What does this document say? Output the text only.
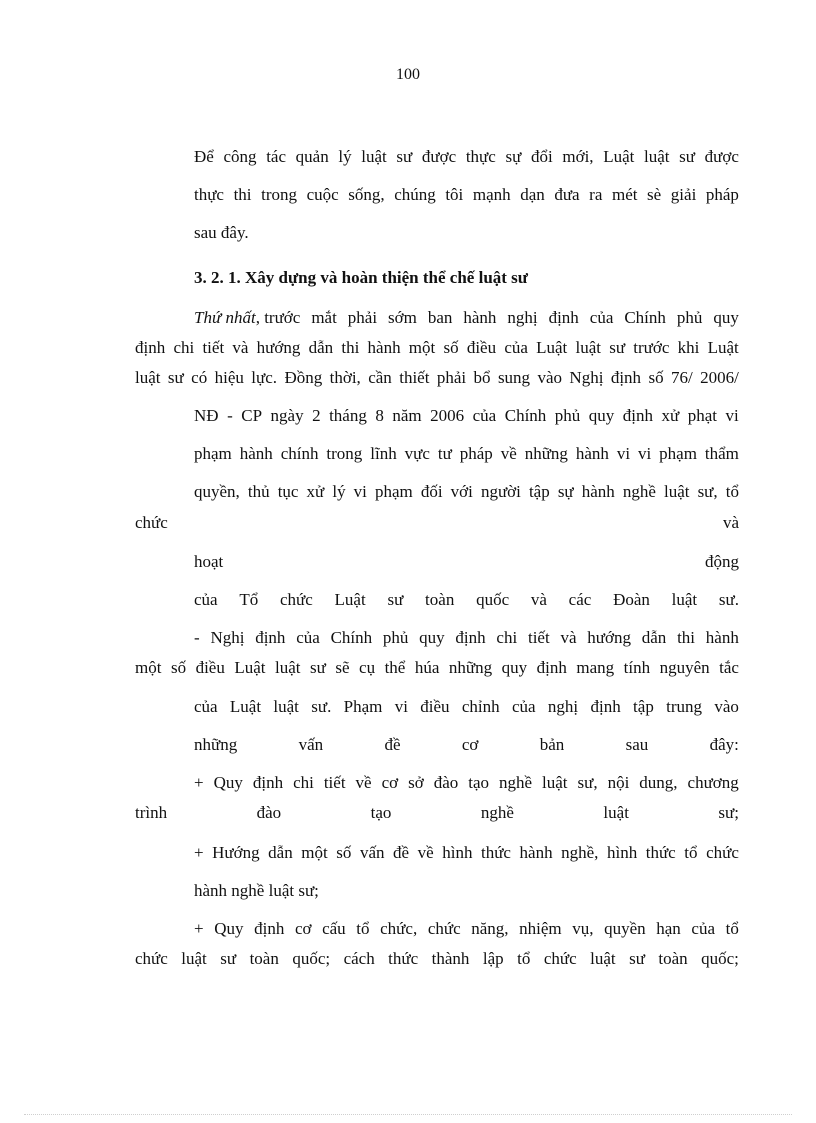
100
Để công tác quản lý luật sư được thực sự đổi mới, Luật luật sư được
thực thi trong cuộc sống, chúng tôi mạnh dạn đưa ra mét sè giải pháp
sau đây.
3. 2. 1. Xây dựng và hoàn thiện thể chế luật sư
Thứ nhất , trước mắt phải sớm ban hành nghị định của Chính phủ quy
định chi tiết và hướng dẫn thi hành một số điều của Luật luật sư trước khi Luật
luật sư có hiệu lực. Đồng thời, cần thiết phải bổ sung vào Nghị định số 76/ 2006/
NĐ - CP ngày 2 tháng 8 năm 2006 của Chính phủ quy định xử phạt vi
phạm hành chính trong lĩnh vực tư pháp về những hành vi vi phạm thẩm
quyền, thủ tục xử lý vi phạm đối với người tập sự hành nghề luật sư, tổ
chức	và
hoạt	động
của Tổ chức Luật sư toàn quốc và các Đoàn luật sư.
- Nghị định của Chính phủ quy định chi tiết và hướng dẫn thi hành
một số điều Luật luật sư sẽ cụ thể húa những quy định mang tính nguyên tắc
của Luật luật sư. Phạm vi điều chỉnh của nghị định tập trung vào
những	vấn	đề	cơ	bản	sau	đây:
+ Quy định chi tiết về cơ sở đào tạo nghề luật sư, nội dung, chương
trình	đào	tạo	nghề	luật	sư;
+ Hướng dẫn một số vấn đề về hình thức hành nghề, hình thức tổ chức
hành nghề luật sư;
+ Quy định cơ cấu tổ chức, chức năng, nhiệm vụ, quyền hạn của tổ
chức luật sư toàn quốc; cách thức thành lập tổ chức luật sư toàn quốc;
